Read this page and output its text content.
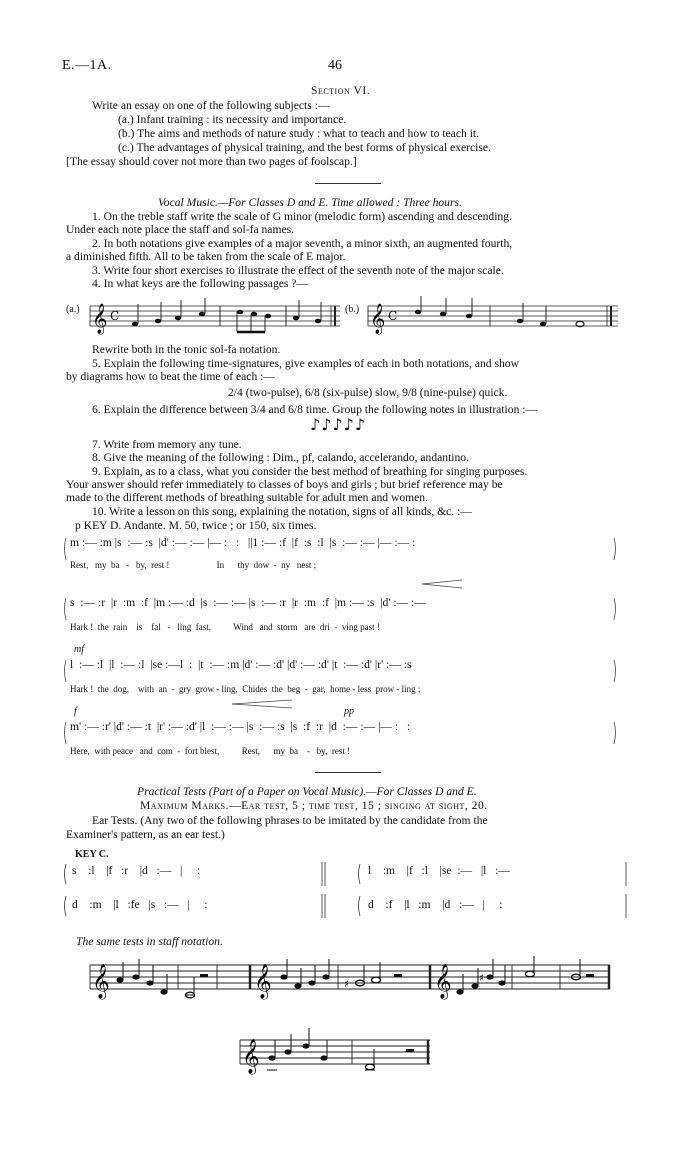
E.—1A.	46
Section VI.
Write an essay on one of the following subjects :—
(a.) Infant training : its necessity and importance.
(b.) The aims and methods of nature study : what to teach and how to teach it.
(c.) The advantages of physical training, and the best forms of physical exercise.
[The essay should cover not more than two pages of foolscap.]
Vocal Music.—For Classes D and E. Time allowed : Three hours.
1. On the treble staff write the scale of G minor (melodic form) ascending and descending.
Under each note place the staff and sol-fa names.
2. In both notations give examples of a major seventh, a minor sixth, an augmented fourth,
a diminished fifth. All to be taken from the scale of E major.
3. Write four short exercises to illustrate the effect of the seventh note of the major scale.
4. In what keys are the following passages ?—
(a.) 𝄞 C	(b.) 𝄞 C
Rewrite both in the tonic sol-fa notation.
5. Explain the following time-signatures, give examples of each in both notations, and show
by diagrams how to beat the time of each :—
2/4 (two-pulse), 6/8 (six-pulse) slow, 9/8 (nine-pulse) quick.
6. Explain the difference between 3/4 and 6/8 time. Group the following notes in illustration :—
♪♪♪♪♪
7. Write from memory any tune.
8. Give the meaning of the following : Dim., pf, calando, accelerando, andantino.
9. Explain, as to a class, what you consider the best method of breathing for singing purposes.
Your answer should refer immediately to classes of boys and girls ; but brief reference may be
made to the different methods of breathing suitable for adult men and women.
10. Write a lesson on this song, explaining the notation, signs of all kinds, &c. :—
p KEY D. Andante. M. 50, twice ; or 150, six times.
m :— :m |s  :— :s  |d' :— :— |— :   :   ||1 :— :f  |f  :s  :l  |s  :— :— |— :— :
Rest,   my  ba   -   by,  rest !                     In      thy  dow  -  ny   nest ;
s  :— :r  |r  :m  :f  |m :— :d  |s  :— :— |s  :— :r  |r  :m  :f  |m :— :s  |d' :— :—
Hark !  the  rain    is    fal   -   ling  fast,          Wind   and  storm   are  dri  -  ving past !
mf
l  :— :l  |l  :— :l  |se :—l  :  |t  :— :m |d' :— :d' |d' :— :d' |t  :— :d' |r' :— :s
Hark !  the  dog,    with  an  -  gry  grow - ling,  Chides  the  beg  -  gar,  home - less  prow - ling ;
f	pp
m' :— :r' |d' :— :t  |r' :— :d' |l  :— :— |s  :— :s  |s  :f  :r  |d  :— :— |— :   :
Here,  with peace   and  com  -  fort blest,          Rest,      my  ba    -   by,  rest !
Practical Tests (Part of a Paper on Vocal Music).—For Classes D and E.
Maximum Marks.—Ear test, 5 ; time test, 15 ; singing at sight, 20.
Ear Tests. (Any two of the following phrases to be imitated by the candidate from the
Examiner's pattern, as an ear test.)
KEY C.
s    :l    |f   :r    |d   :—   |     :	l    :m    |f   :l    |se  :—   |l   :—
d    :m    |l   :fe   |s   :—   |     :	d    :f    |l   :m    |d   :—   |     :
The same tests in staff notation.
𝄞	𝄞	𝄞
𝄞
♯
♯
